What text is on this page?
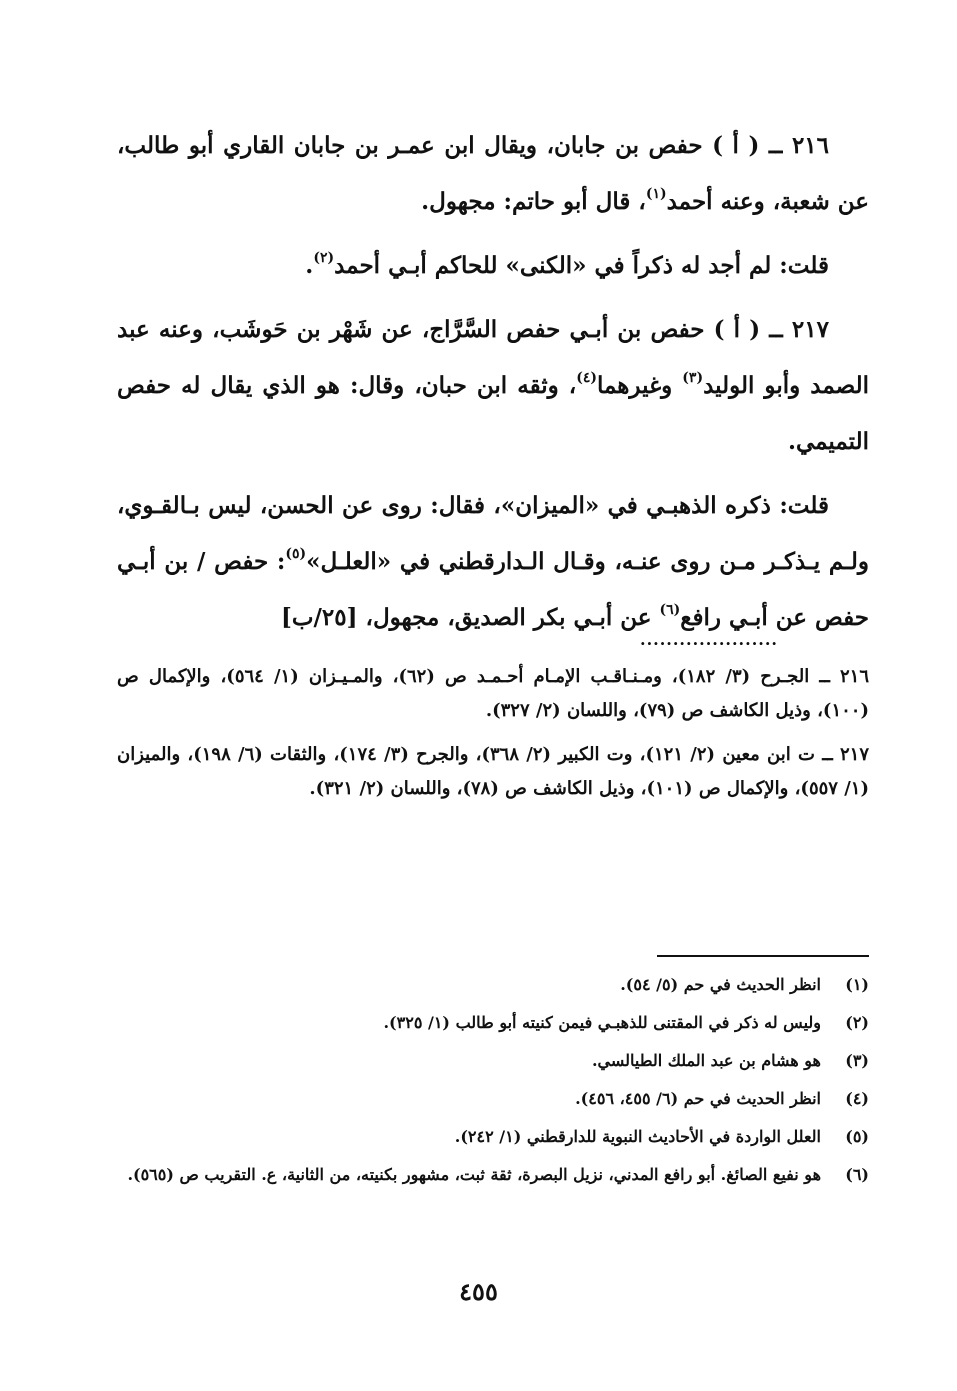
٢١٦ ــ ( أ ) حفص بن جابان، ويقال ابن عمـر بن جابان القاري أبو طالب، عن شعبة، وعنه أحمد$^{(١)}$، قال أبو حاتم: مجهول.

قلت: لم أجد له ذكراً في «الكنى» للحاكم أبـي أحمد$^{(٢)}$.

٢١٧ ــ ( أ ) حفص بن أبـي حفص السَّرَّاج، عن شَهْر بن حَوشَب، وعنه عبد الصمد وأبو الوليد$^{(٣)}$ وغيرهما$^{(٤)}$، وثقه ابن حبان، وقال: هو الذي يقال له حفص التميمي.

قلت: ذكره الذهبـي في «الميزان»، فقال: روى عن الحسن، ليس بـالقـوي، ولـم يـذكـر مـن روى عنـه، وقـال الـدارقطني في «العلـل»$^{(٥)}$: حفص / بن أبـي حفص عن أبـي رافع$^{(٦)}$ عن أبـي بكر الصديق، مجهول، [٢٥/ب]

.....................

٢١٦ ــ الجـرح (٣/ ١٨٢)، ومـنـاقـب الإمـام أحـمـد ص (٦٢)، والمـيـزان (١/ ٥٦٤)، والإكمال ص (١٠٠)، وذيل الكاشف ص (٧٩)، واللسان (٢/ ٣٢٧).

٢١٧ ــ ت ابن معين (٢/ ١٢١)، وت الكبير (٢/ ٣٦٨)، والجرح (٣/ ١٧٤)، والثقات (٦/ ١٩٨)، والميزان (١/ ٥٥٧)، والإكمال ص (١٠١)، وذيل الكاشف ص (٧٨)، واللسان (٢/ ٣٢١).

(١)
انظر الحديث في حم (٥/ ٥٤).
(٢)
وليس له ذكر في المقتنى للذهبـي فيمن كنيته أبو طالب (١/ ٣٢٥).
(٣)
هو هشام بن عبد الملك الطيالسي.
(٤)
انظر الحديث في حم (٦/ ٤٥٥، ٤٥٦).
(٥)
العلل الواردة في الأحاديث النبوية للدارقطني (١/ ٢٤٢).
(٦)
هو نفيع الصائغ. أبو رافع المدني، نزيل البصرة، ثقة ثبت، مشهور بكنيته، من الثانية، ع. التقريب ص (٥٦٥).
٤٥٥
